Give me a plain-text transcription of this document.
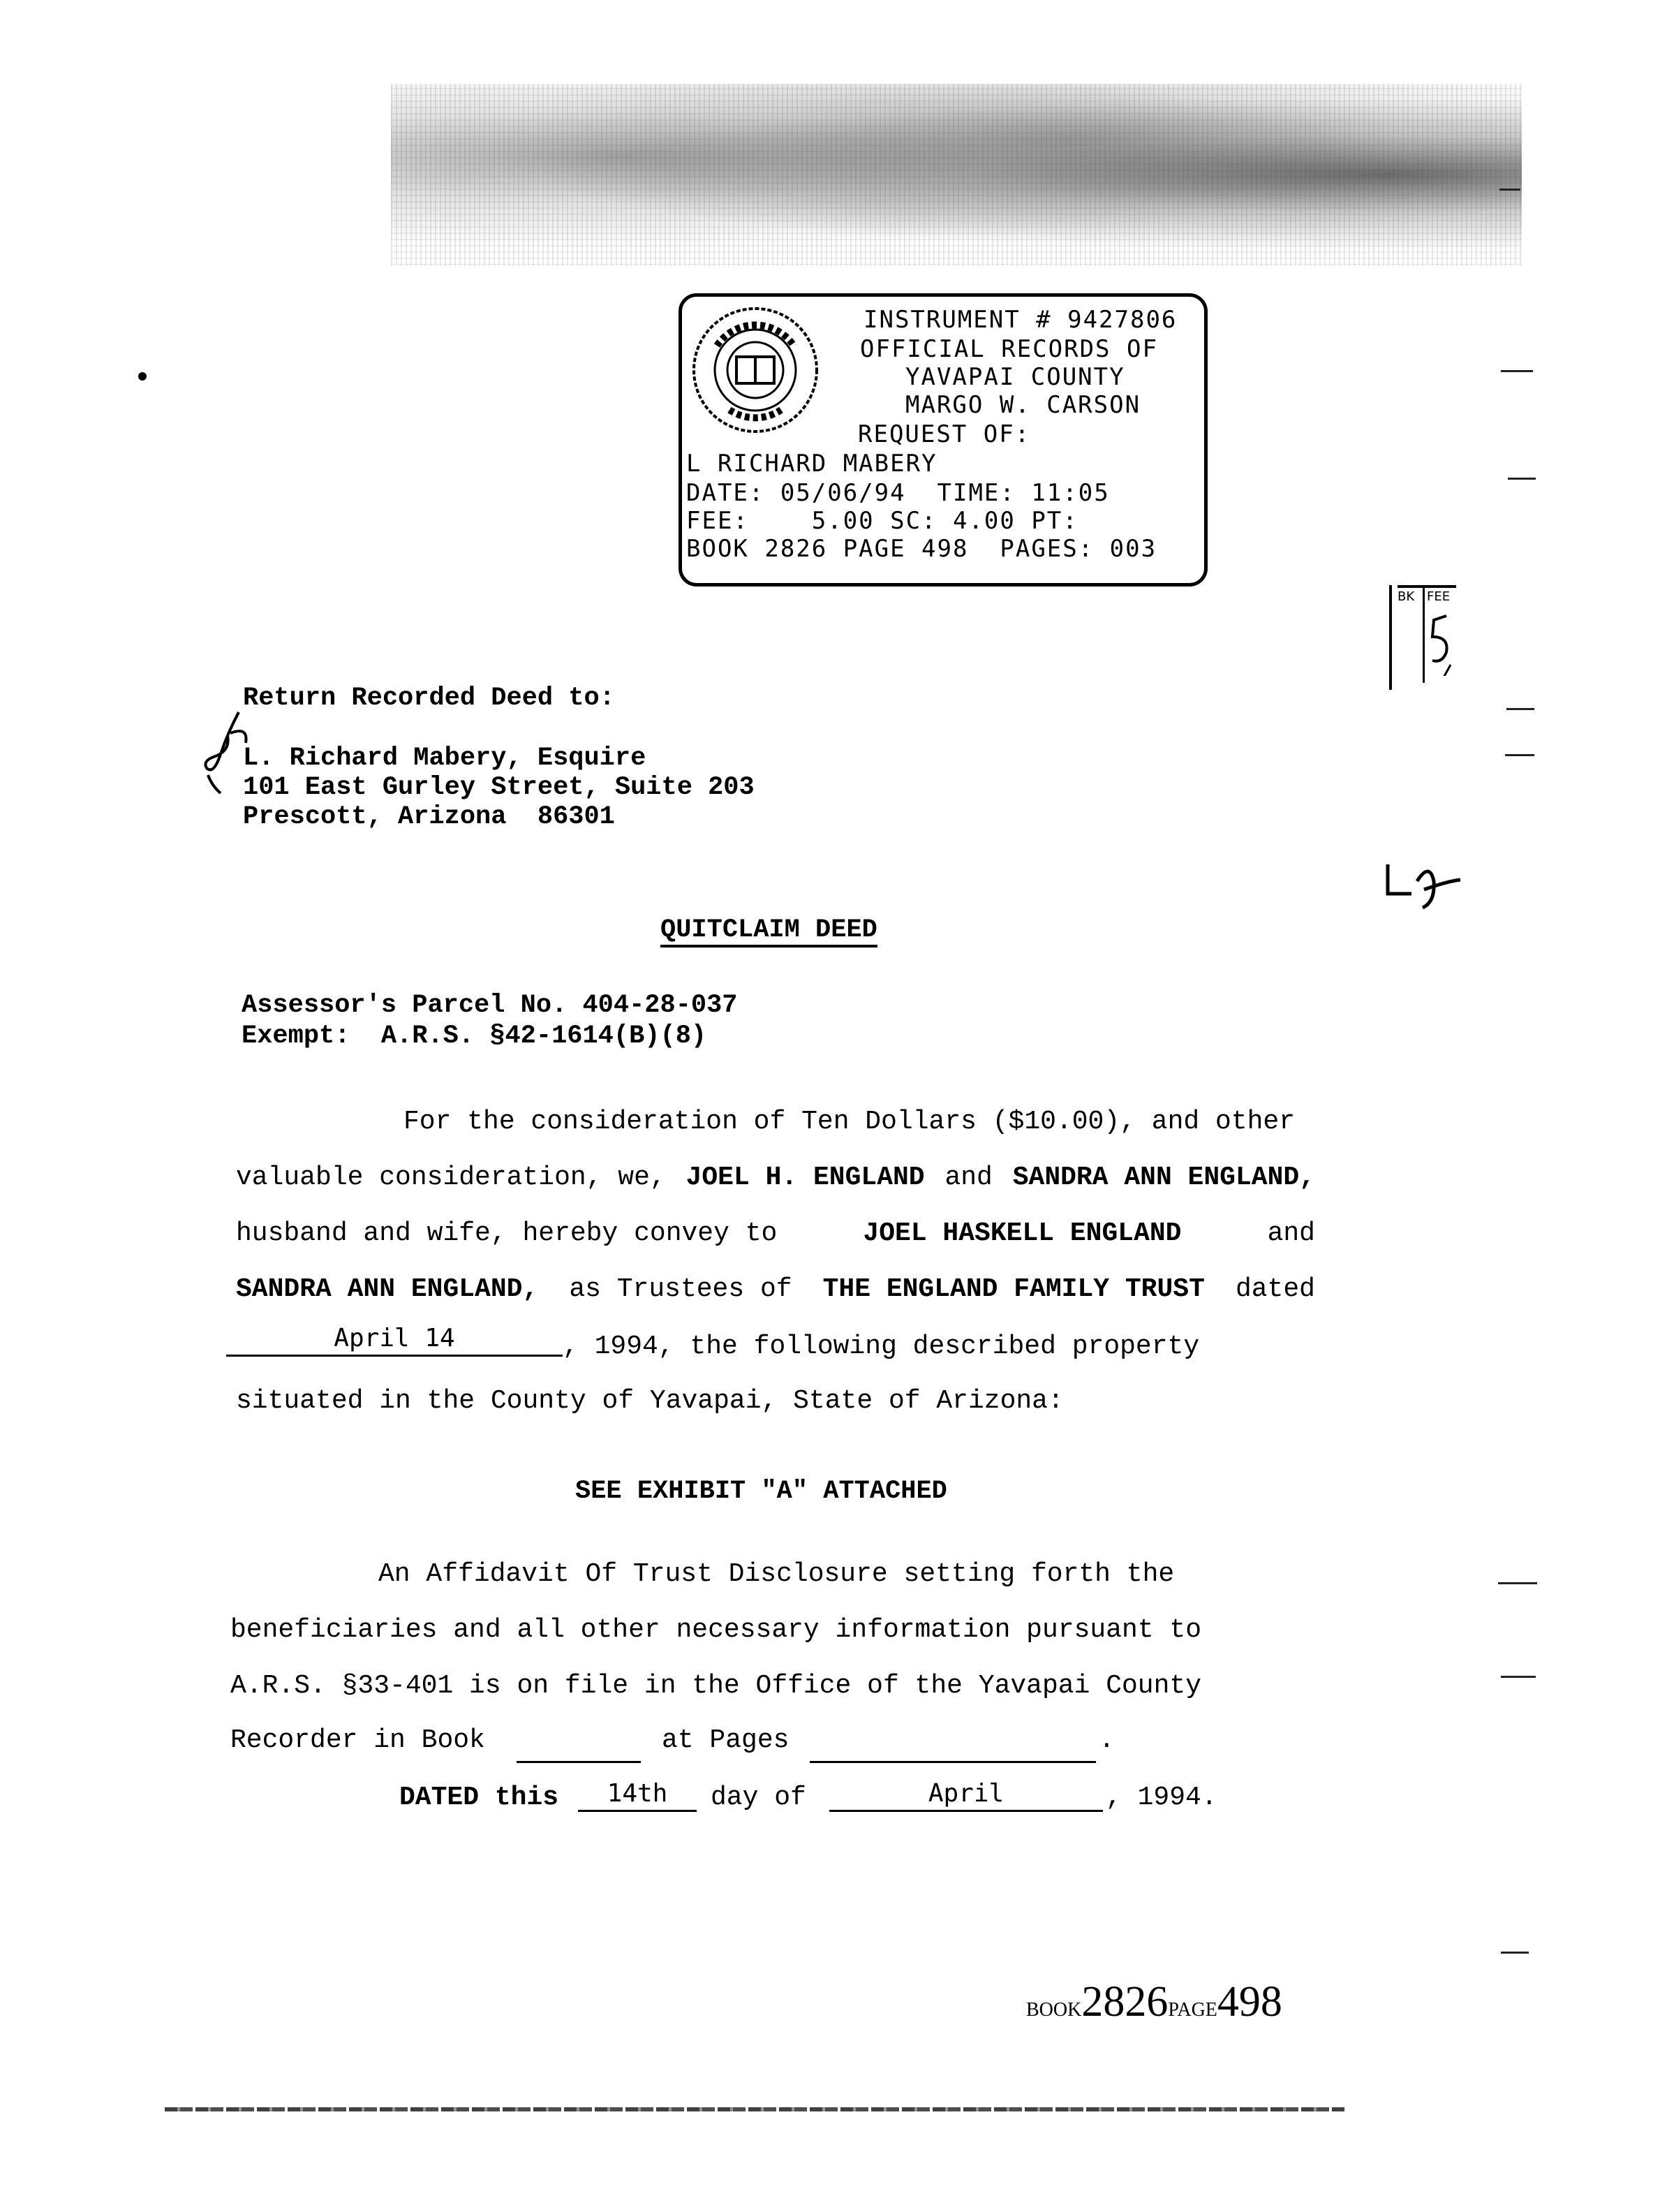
INSTRUMENT # 9427806
OFFICIAL RECORDS OF
YAVAPAI COUNTY
MARGO W. CARSON
REQUEST OF:
L RICHARD MABERY
DATE: 05/06/94  TIME: 11:05
FEE:    5.00 SC: 4.00 PT:
BOOK 2826 PAGE 498  PAGES: 003
BK FEE
Return Recorded Deed to:
L. Richard Mabery, Esquire
101 East Gurley Street, Suite 203
Prescott, Arizona  86301
QUITCLAIM DEED
Assessor's Parcel No. 404-28-037
Exempt:  A.R.S. §42-1614(B)(8)
For the consideration of Ten Dollars ($10.00), and other
valuable consideration, we, JOEL H. ENGLAND and SANDRA ANN ENGLAND,
husband and wife, hereby convey to	JOEL HASKELL ENGLAND	and
SANDRA ANN ENGLAND, as Trustees of THE ENGLAND FAMILY TRUST dated
April 14	, 1994, the following described property
situated in the County of Yavapai, State of Arizona:
SEE EXHIBIT "A" ATTACHED
An Affidavit Of Trust Disclosure setting forth the
beneficiaries and all other necessary information pursuant to
A.R.S. §33-401 is on file in the Office of the Yavapai County
Recorder in Book	at Pages	.
DATED this	14th	day of	April	, 1994.

BOOK2826PAGE498
